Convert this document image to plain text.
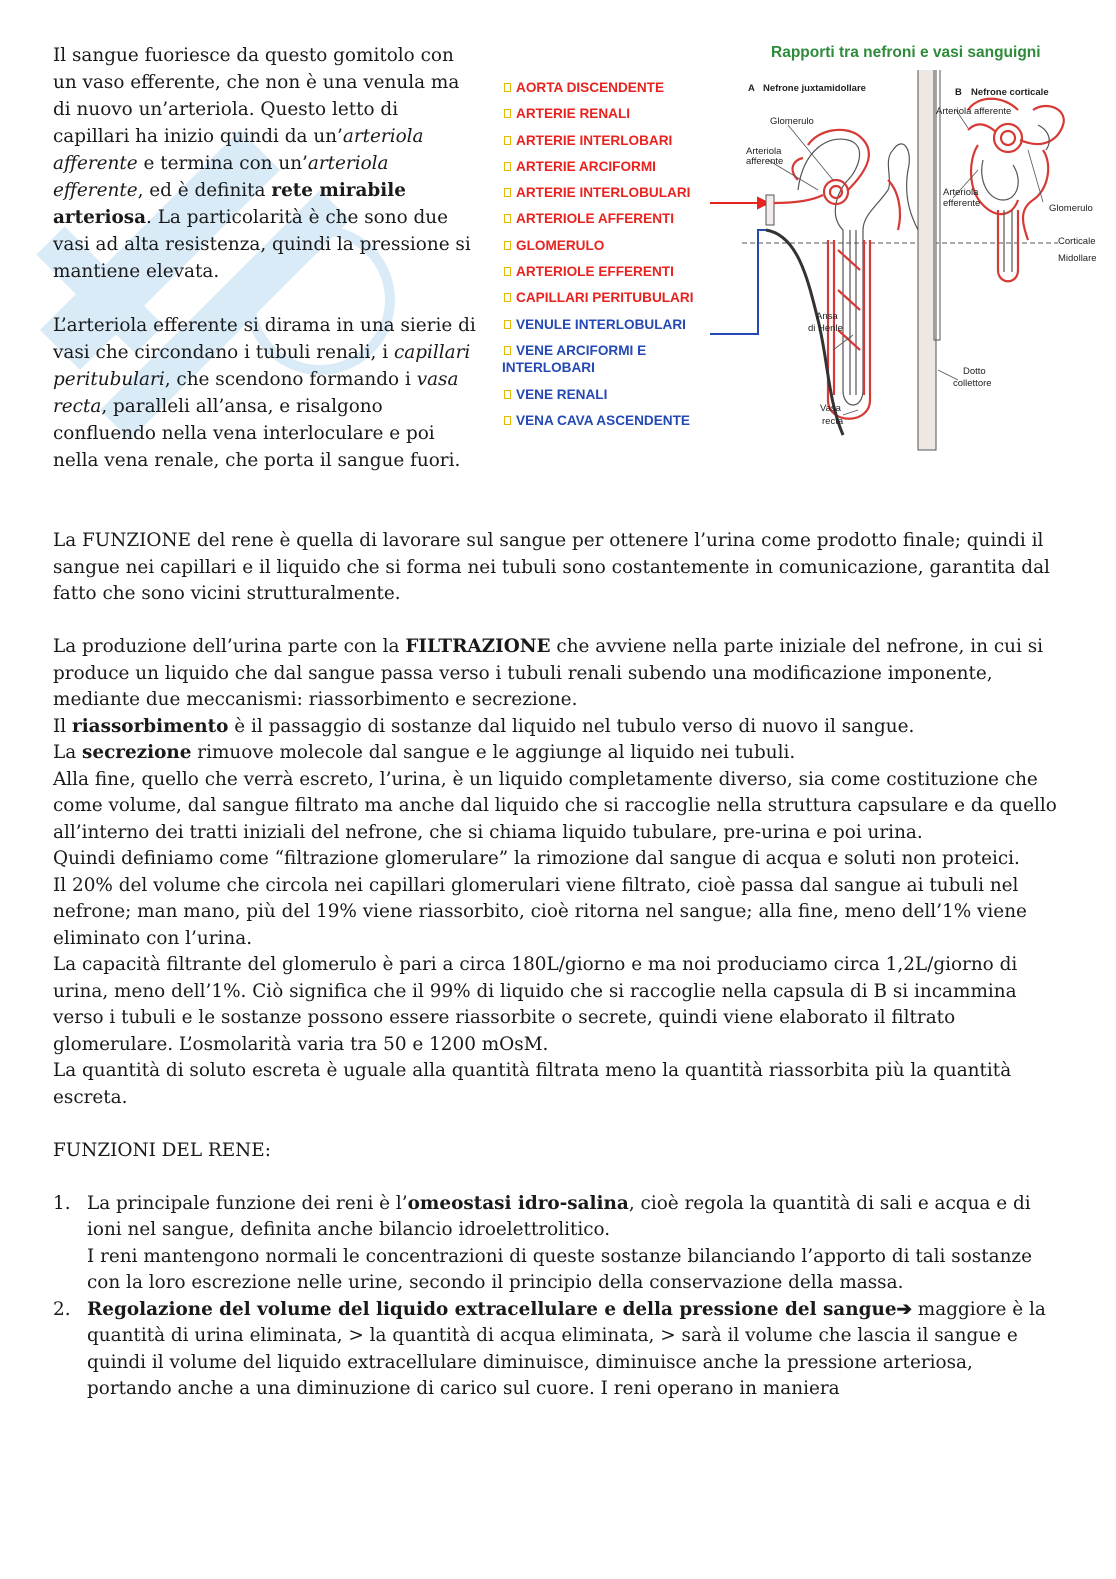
Il sangue fuoriesce da questo gomitolo con un vaso efferente, che non è una venula ma di nuovo un’arteriola. Questo letto di capillari ha inizio quindi da un’arteriola afferente e termina con un’arteriola efferente, ed è definita rete mirabile arteriosa. La particolarità è che sono due vasi ad alta resistenza, quindi la pressione si mantiene elevata.

L’arteriola efferente si dirama in una sierie di vasi che circondano i tubuli renali, i capillari peritubulari, che scendono formando i vasa recta, paralleli all’ansa, e risalgono confluendo nella vena interloculare e poi nella vena renale, che porta il sangue fuori.

A Nefrone juxtamidollare	B Nefrone corticale
Glomerulo
Arteriola
afferente
Arteriola afferente
Arteriola
efferente	Glomerulo
Corticale
Midollare
Ansa
di Henle
Dotto
collettore
Vasa
recta
Rapporti tra nefroni e vasi sanguigni
AORTA DISCENDENTE
ARTERIE RENALI
ARTERIE INTERLOBARI
ARTERIE ARCIFORMI
ARTERIE INTERLOBULARI
ARTERIOLE AFFERENTI
GLOMERULO
ARTERIOLE EFFERENTI
CAPILLARI PERITUBULARI
VENULE INTERLOBULARI
VENE ARCIFORMI E INTERLOBARI
VENE RENALI
VENA CAVA ASCENDENTE

La FUNZIONE del rene è quella di lavorare sul sangue per ottenere l’urina come prodotto finale; quindi il sangue nei capillari e il liquido che si forma nei tubuli sono costantemente in comunicazione, garantita dal fatto che sono vicini strutturalmente.

La produzione dell’urina parte con la FILTRAZIONE che avviene nella parte iniziale del nefrone, in cui si produce un liquido che dal sangue passa verso i tubuli renali subendo una modificazione imponente, mediante due meccanismi: riassorbimento e secrezione.

Il riassorbimento è il passaggio di sostanze dal liquido nel tubulo verso di nuovo il sangue.

La secrezione rimuove molecole dal sangue e le aggiunge al liquido nei tubuli.

Alla fine, quello che verrà escreto, l’urina, è un liquido completamente diverso, sia come costituzione che come volume, dal sangue filtrato ma anche dal liquido che si raccoglie nella struttura capsulare e da quello all’interno dei tratti iniziali del nefrone, che si chiama liquido tubulare, pre-urina e poi urina.

Quindi definiamo come “filtrazione glomerulare” la rimozione dal sangue di acqua e soluti non proteici.

Il 20% del volume che circola nei capillari glomerulari viene filtrato, cioè passa dal sangue ai tubuli nel nefrone; man mano, più del 19% viene riassorbito, cioè ritorna nel sangue; alla fine, meno dell’1% viene eliminato con l’urina.

La capacità filtrante del glomerulo è pari a circa 180L/giorno e ma noi produciamo circa 1,2L/giorno di urina, meno dell’1%. Ciò significa che il 99% di liquido che si raccoglie nella capsula di B si incammina verso i tubuli e le sostanze possono essere riassorbite o secrete, quindi viene elaborato il filtrato glomerulare. L’osmolarità varia tra 50 e 1200 mOsM.

La quantità di soluto escreta è uguale alla quantità filtrata meno la quantità riassorbita più la quantità escreta.

FUNZIONI DEL RENE:

1. La principale funzione dei reni è l’omeostasi idro-salina, cioè regola la quantità di sali e acqua e di ioni nel sangue, definita anche bilancio idroelettrolitico.
I reni mantengono normali le concentrazioni di queste sostanze bilanciando l’apporto di tali sostanze con la loro escrezione nelle urine, secondo il principio della conservazione della massa.
2. Regolazione del volume del liquido extracellulare e della pressione del sangue➔ maggiore è la quantità di urina eliminata, > la quantità di acqua eliminata, > sarà il volume che lascia il sangue e quindi il volume del liquido extracellulare diminuisce, diminuisce anche la pressione arteriosa, portando anche a una diminuzione di carico sul cuore. I reni operano in maniera
